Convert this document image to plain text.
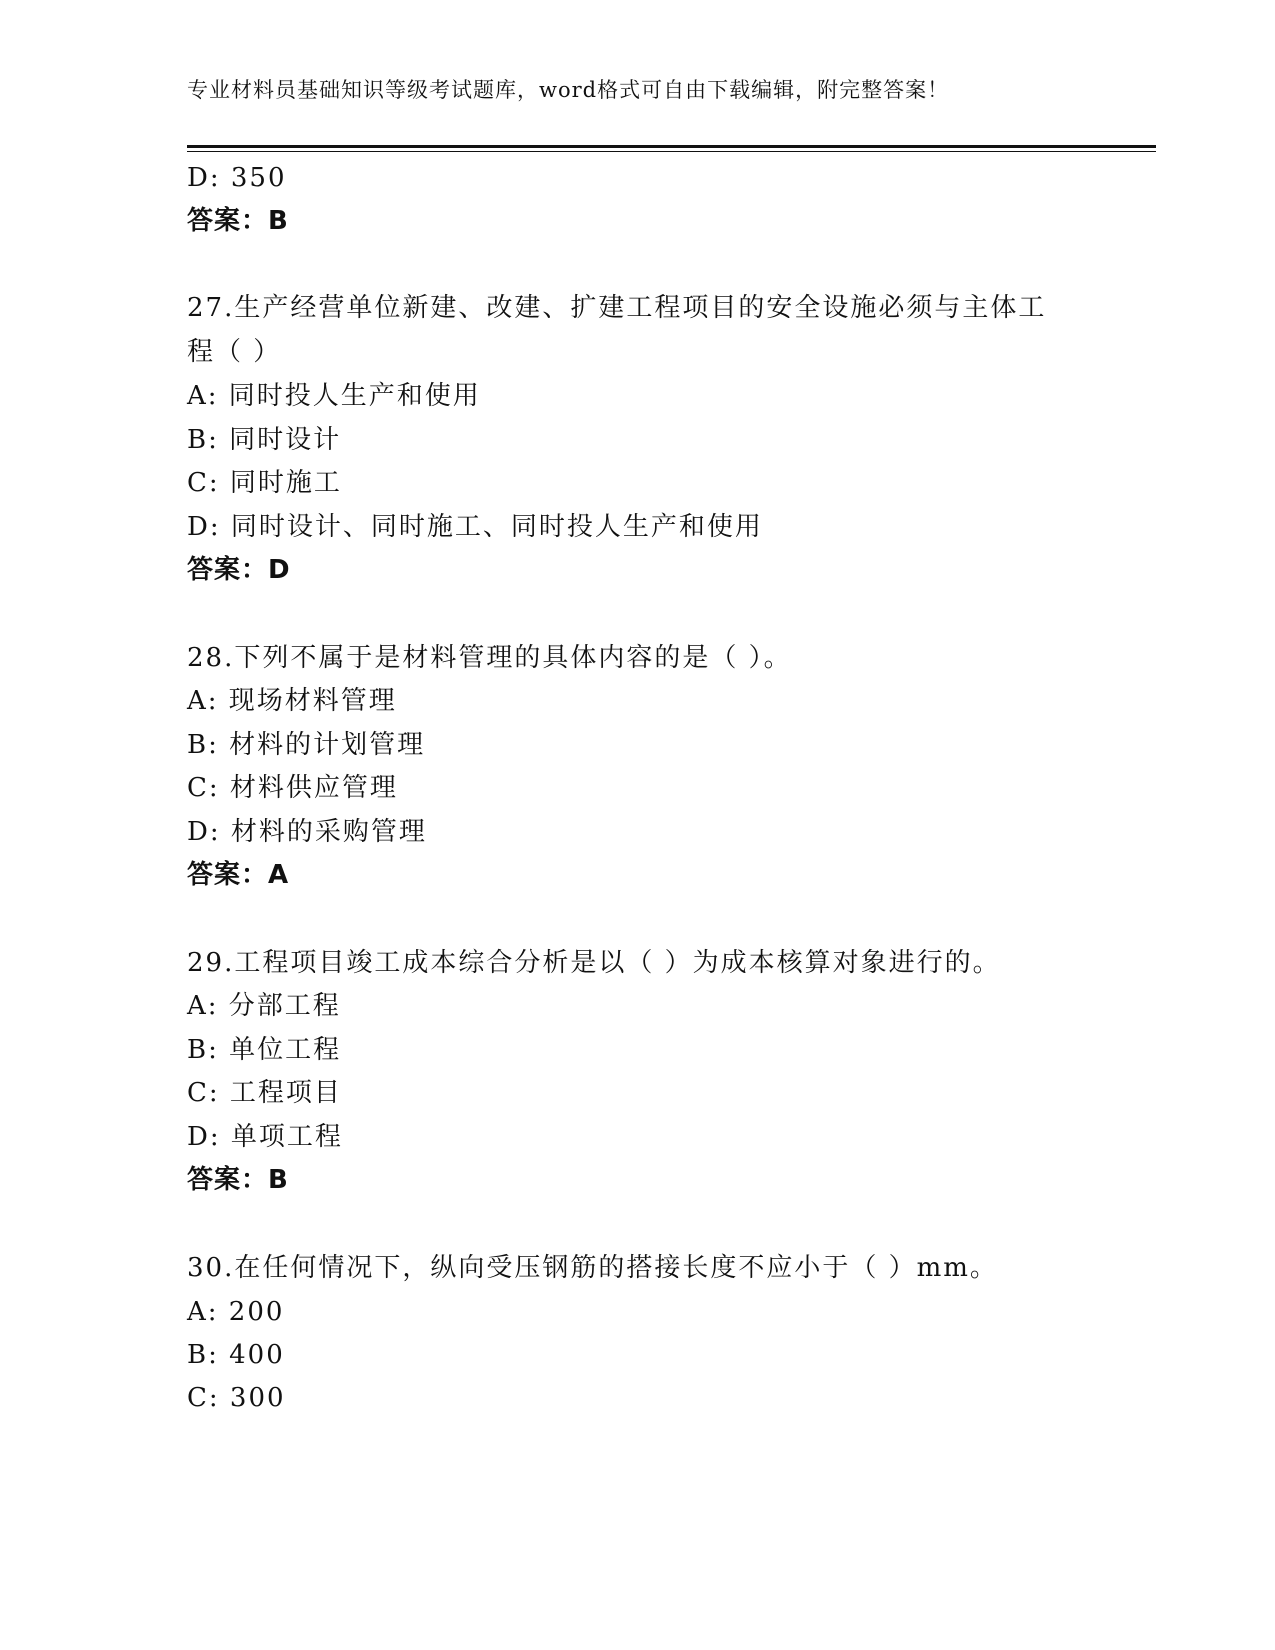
专业材料员基础知识等级考试题库，word格式可自由下载编辑，附完整答案！
D: 350
答案：B
27.生产经营单位新建、改建、扩建工程项目的安全设施必须与主体工
程（ ）
A: 同时投人生产和使用
B: 同时设计
C: 同时施工
D: 同时设计、同时施工、同时投人生产和使用
答案：D
28.下列不属于是材料管理的具体内容的是（ ）。
A: 现场材料管理
B: 材料的计划管理
C: 材料供应管理
D: 材料的采购管理
答案：A
29.工程项目竣工成本综合分析是以（ ）为成本核算对象进行的。
A: 分部工程
B: 单位工程
C: 工程项目
D: 单项工程
答案：B
30.在任何情况下，纵向受压钢筋的搭接长度不应小于（ ）mm。
A: 200
B: 400
C: 300
